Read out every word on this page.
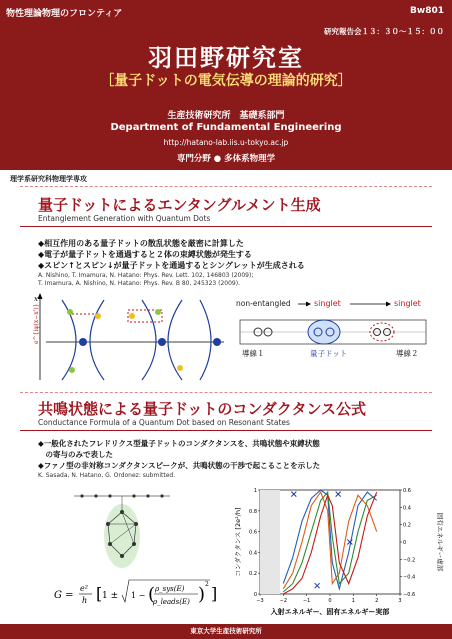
物性理論物理のフロンティア	Bw801
研究報告会１３：３０〜１５：００
羽田野研究室
［量子ドットの電気伝導の理論的研究］
生産技術研究所　基礎系部門
Department of Fundamental Engineering
http://hatano-lab.iis.u-tokyo.ac.jp
専門分野 ● 多体系物理学
理学系研究科物理学専攻
量子ドットによるエンタングルメント生成
Entanglement Generation with Quantum Dots
◆相互作用のある量子ドットの散乱状態を厳密に計算した
◆電子が量子ドットを通過すると２体の束縛状態が発生する
◆スピン↑とスピン↓が量子ドットを通過するとシングレットが生成される
A. Nishino, T. Imamura, N. Hatano: Phys. Rev. Lett. 102, 146803 (2009);
T. Imamura, A. Nishino, N. Hatano: Phys. Rev. B 80, 245323 (2009).
x
e^{iφ(x−x')}
non-entangled	singlet	singlet
導線１	量子ドット	導線２
共鳴状態による量子ドットのコンダクタンス公式
Conductance Formula of a Quantum Dot based on Resonant States
◆一般化されたフレドリクス型量子ドットのコンダクタンスを、共鳴状態や束縛状態
　の寄与のみで表した
◆ファノ型の非対称コンダクタンスピークが、共鳴状態の干渉で起こることを示した
K. Sasada, N. Hatano, G. Ordonez: submitted.
G =
e²
h [ 1 ± 1 − ( ρ_sys(E)
ρ_leads(E) ) 2 ]	0
0.2
0.4
0.6
0.8
1
−0.6
−0.4
−0.2
0
0.2
0.4
0.6
−3	−2	−1	0	1	2	3
コンダクタンス [2e²/h]	固有エネルギー虚部
入射エネルギー、固有エネルギー実部
東京大学生産技術研究所
